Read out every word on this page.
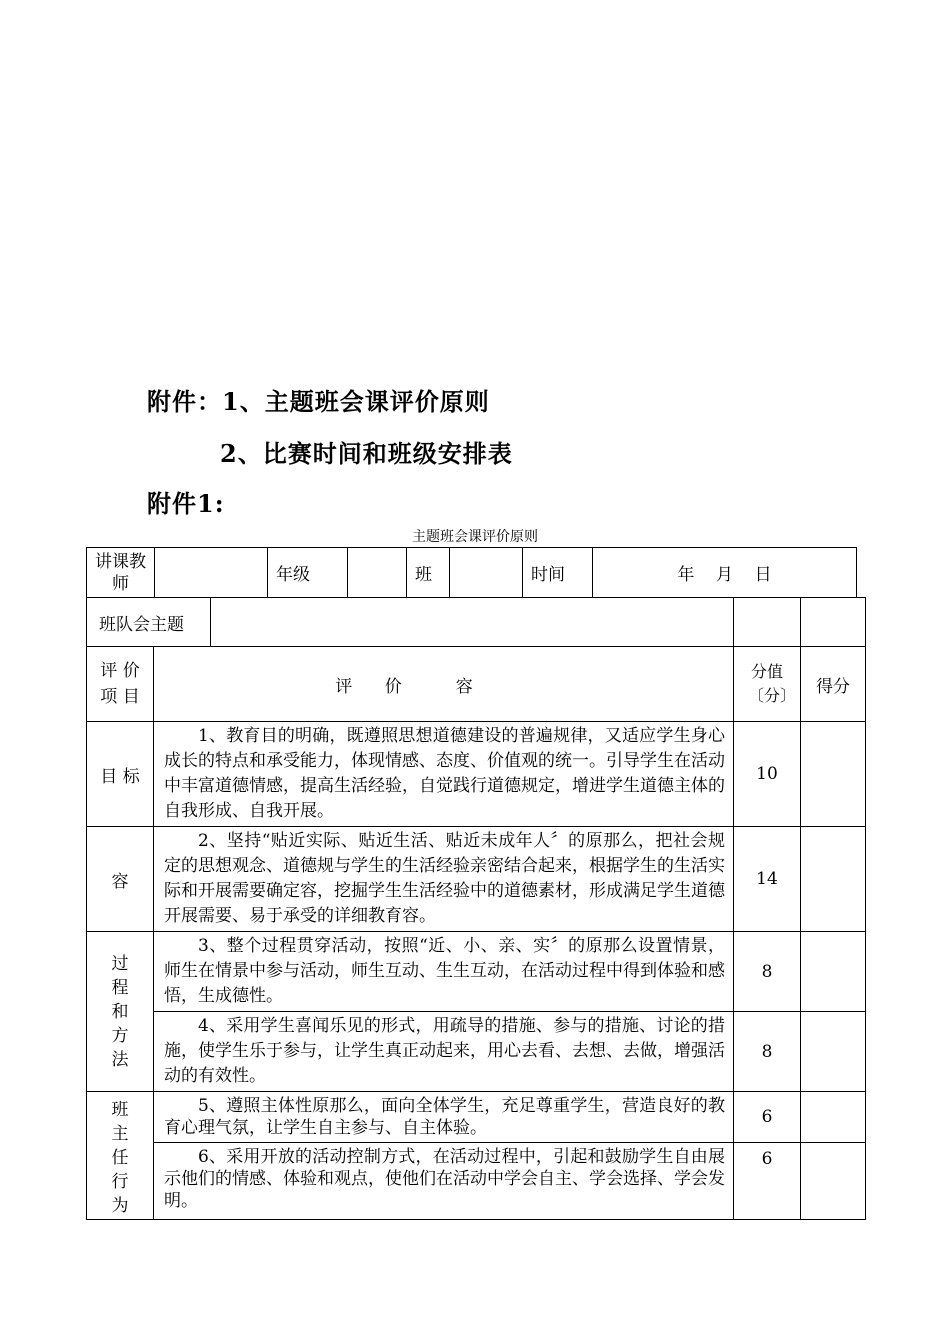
附件：1、主题班会课评价原则
2、比赛时间和班级安排表
附件1:
主题班会课评价原则
讲课教师		年级		班		时间	年    月    日
班队会主题				
评 价 项 目	评      价          容		分值〔分〕	得分
目 标	1、教育目的明确，既遵照思想道德建设的普遍规律，又适应学生身心成长的特点和承受能力，体现情感、态度、价值观的统一。引导学生在活动中丰富道德情感，提高生活经验，自觉践行道德规定，增进学生道德主体的自我形成、自我开展。		10	
容	2、坚持“贴近实际、贴近生活、贴近未成年人〞的原那么，把社会规定的思想观念、道德规与学生的生活经验亲密结合起来，根据学生的生活实际和开展需要确定容，挖掘学生生活经验中的道德素材，形成满足学生道德开展需要、易于承受的详细教育容。		14	

过程和方法	3、整个过程贯穿活动，按照“近、小、亲、实〞的原那么设置情景，师生在情景中参与活动，师生互动、生生互动，在活动过程中得到体验和感悟，生成德性。		8	
	4、采用学生喜闻乐见的形式，用疏导的措施、参与的措施、讨论的措施，使学生乐于参与，让学生真正动起来，用心去看、去想、去做，增强活动的有效性。		8	

班主任行为	5、遵照主体性原那么，面向全体学生，充足尊重学生，营造良好的教育心理气氛，让学生自主参与、自主体验。		6	
	6、采用开放的活动控制方式，在活动过程中，引起和鼓励学生自由展示他们的情感、体验和观点，使他们在活动中学会自主、学会选择、学会发明。		6	
